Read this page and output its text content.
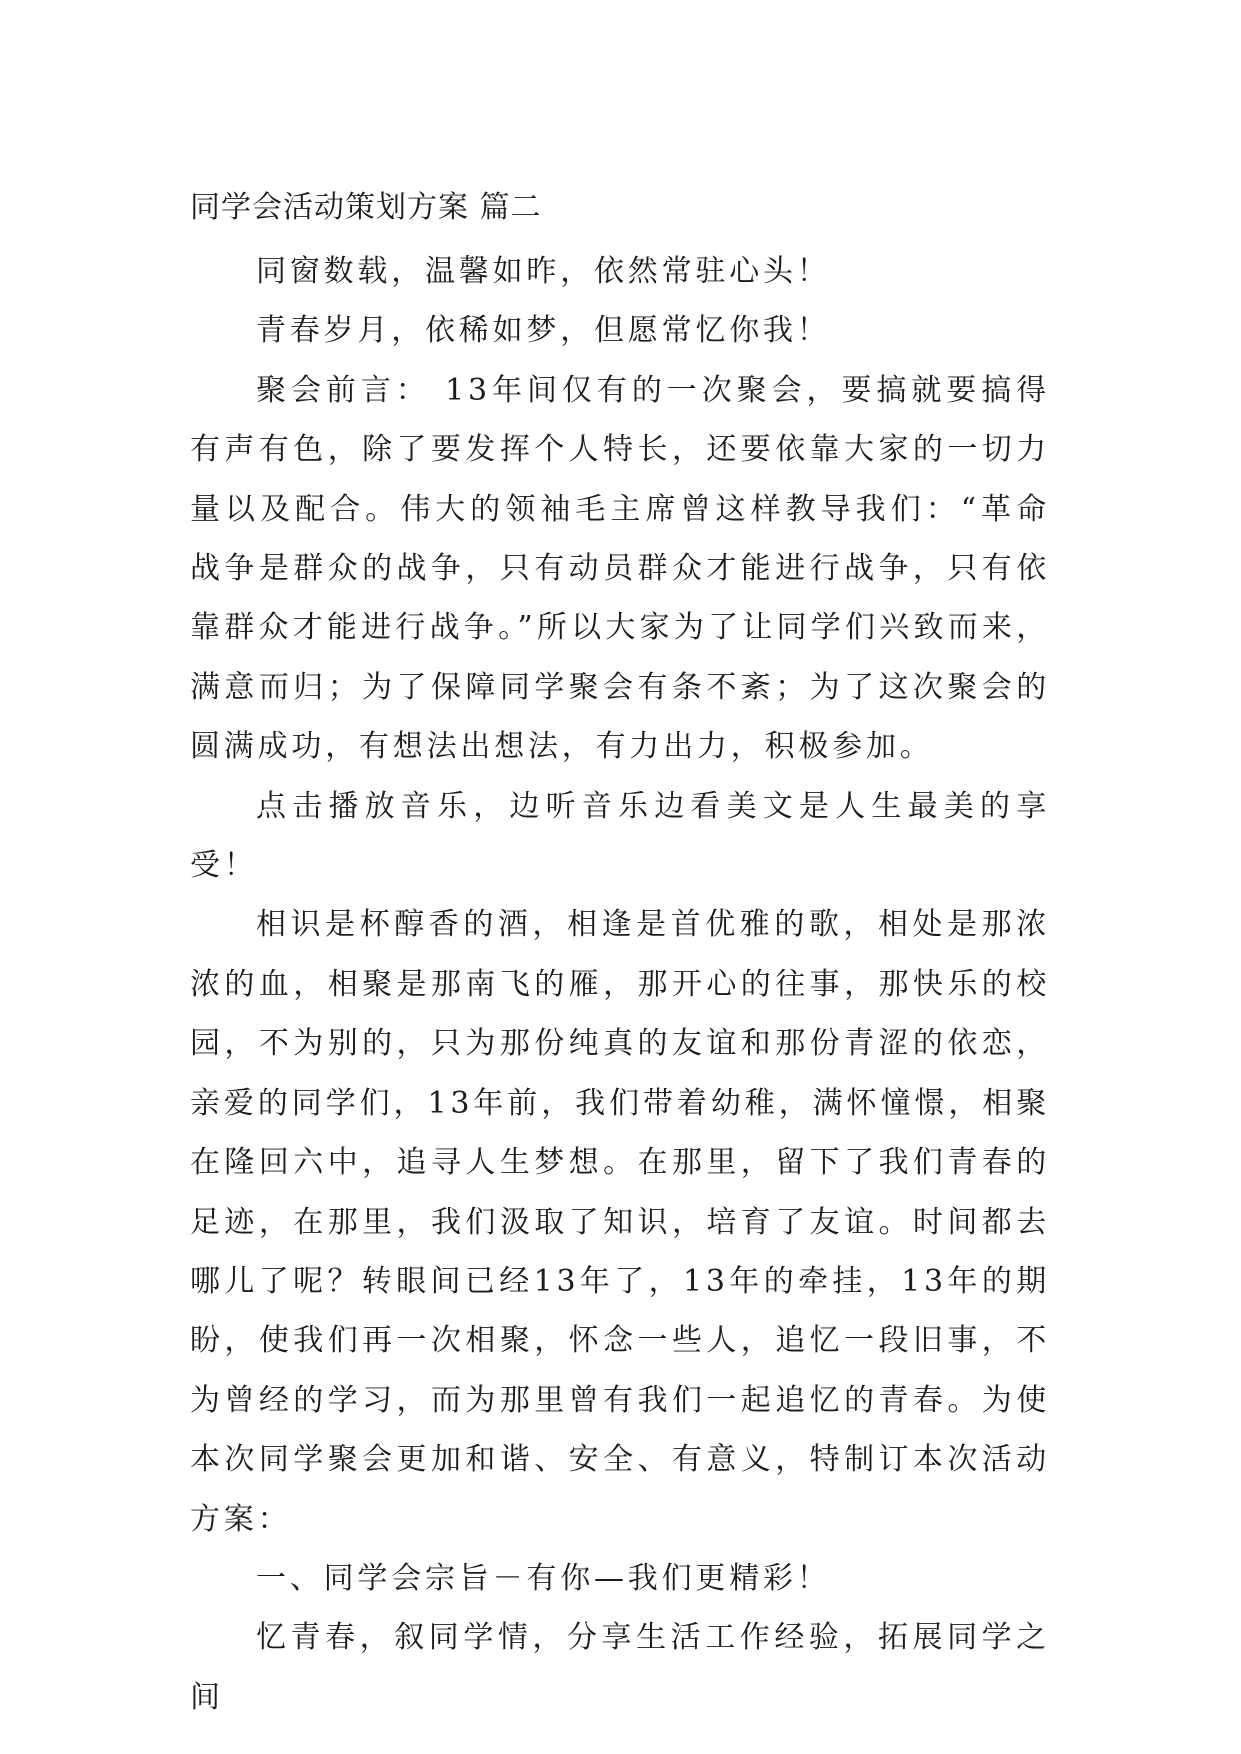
同学会活动策划方案 篇二

同窗数载，温馨如昨，依然常驻心头！

青春岁月，依稀如梦，但愿常忆你我！

聚会前言： 13年间仅有的一次聚会，要搞就要搞得有声有色，除了要发挥个人特长，还要依靠大家的一切力量以及配合。伟大的领袖毛主席曾这样教导我们：“革命战争是群众的战争，只有动员群众才能进行战争，只有依靠群众才能进行战争。”所以大家为了让同学们兴致而来，满意而归；为了保障同学聚会有条不紊；为了这次聚会的圆满成功，有想法出想法，有力出力，积极参加。

点击播放音乐，边听音乐边看美文是人生最美的享受！

相识是杯醇香的酒，相逢是首优雅的歌，相处是那浓浓的血，相聚是那南飞的雁，那开心的往事，那快乐的校园，不为别的，只为那份纯真的友谊和那份青涩的依恋，亲爱的同学们，13年前，我们带着幼稚，满怀憧憬，相聚在隆回六中，追寻人生梦想。在那里，留下了我们青春的足迹，在那里，我们汲取了知识，培育了友谊。时间都去哪儿了呢？转眼间已经13年了，13年的牵挂，13年的期盼，使我们再一次相聚，怀念一些人，追忆一段旧事，不为曾经的学习，而为那里曾有我们一起追忆的青春。为使本次同学聚会更加和谐、安全、有意义，特制订本次活动方案：

一、同学会宗旨－有你—我们更精彩！

忆青春，叙同学情，分享生活工作经验，拓展同学之间
